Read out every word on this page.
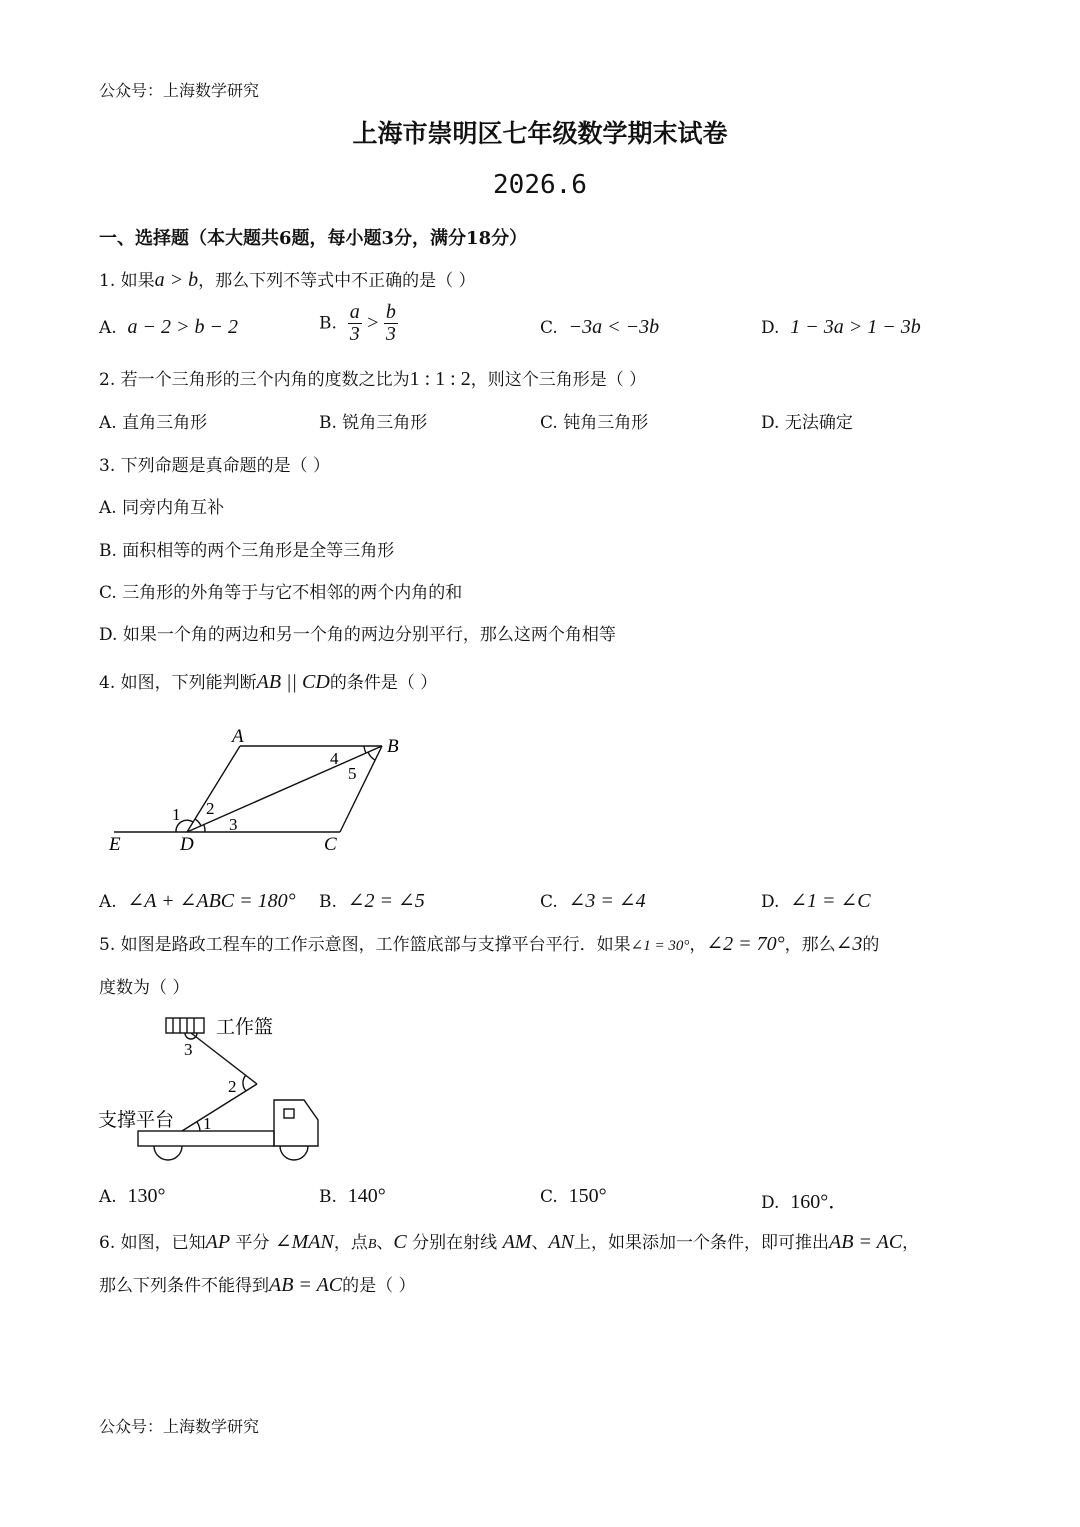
公众号：上海数学研究
上海市崇明区七年级数学期末试卷
2026.6
一、选择题（本大题共6题，每小题3分，满分18分）
1. 如果a > b，那么下列不等式中不正确的是（ ）
A. a − 2 > b − 2	B. $\frac{a}{3} > \frac{b}{3}$	C. −3a < −3b	D. 1 − 3a > 1 − 3b
2. 若一个三角形的三个内角的度数之比为1 : 1 : 2，则这个三角形是（ ）
A. 直角三角形	B. 锐角三角形	C. 钝角三角形	D. 无法确定
3. 下列命题是真命题的是（ ）
A. 同旁内角互补
B. 面积相等的两个三角形是全等三角形
C. 三角形的外角等于与它不相邻的两个内角的和
D. 如果一个角的两边和另一个角的两边分别平行，那么这两个角相等
4. 如图，下列能判断AB || CD的条件是（ ）
A	B
C
D
E
1 2
3
4
5
A. ∠A + ∠ABC = 180° B. ∠2 = ∠5	C. ∠3 = ∠4	D. ∠1 = ∠C
5. 如图是路政工程车的工作示意图，工作篮底部与支撑平台平行．如果∠1 = 30°，∠2 = 70°，那么∠3的
度数为（ ）
工作篮
支撑平台
3
2
1
A. 130°	B. 140°	C. 150°	D. 160°．
6. 如图，已知AP 平分 ∠MAN，点B、C 分别在射线 AM、AN上，如果添加一个条件，即可推出AB = AC，
那么下列条件不能得到AB = AC的是（ ）
公众号：上海数学研究
